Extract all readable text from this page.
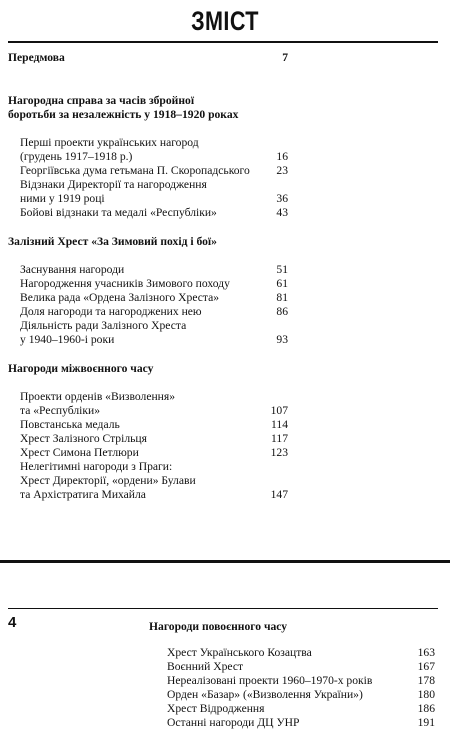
ЗМІСТ
Передмова	7
Нагородна справа за часів збройної
боротьби за незалежність у 1918–1920 роках
Перші проекти українських нагород
(грудень 1917–1918 р.)	16
Георгіївська дума гетьмана П. Скоропадського	23
Відзнаки Директорії та нагородження
ними у 1919 році	36
Бойові відзнаки та медалі «Республіки»	43
Залізний Хрест «За Зимовий похід і бої»
Заснування нагороди	51
Нагородження учасників Зимового походу	61
Велика рада «Ордена Залізного Хреста»	81
Доля нагороди та нагороджених нею	86
Діяльність ради Залізного Хреста
у 1940–1960-і роки	93
Нагороди міжвоєнного часу
Проекти орденів «Визволення»
та «Республіки»	107
Повстанська медаль	114
Хрест Залізного Стрільця	117
Хрест Симона Петлюри	123
Нелегітимні нагороди з Праги:
Хрест Директорії, «ордени» Булави
та Архістратига Михайла	147
4	Нагороди повоєнного часу
Хрест Українського Козацтва	163
Воєнний Хрест	167
Нереалізовані проекти 1960–1970-х років	178
Орден «Базар» («Визволення України»)	180
Хрест Відродження	186
Останні нагороди ДЦ УНР	191
